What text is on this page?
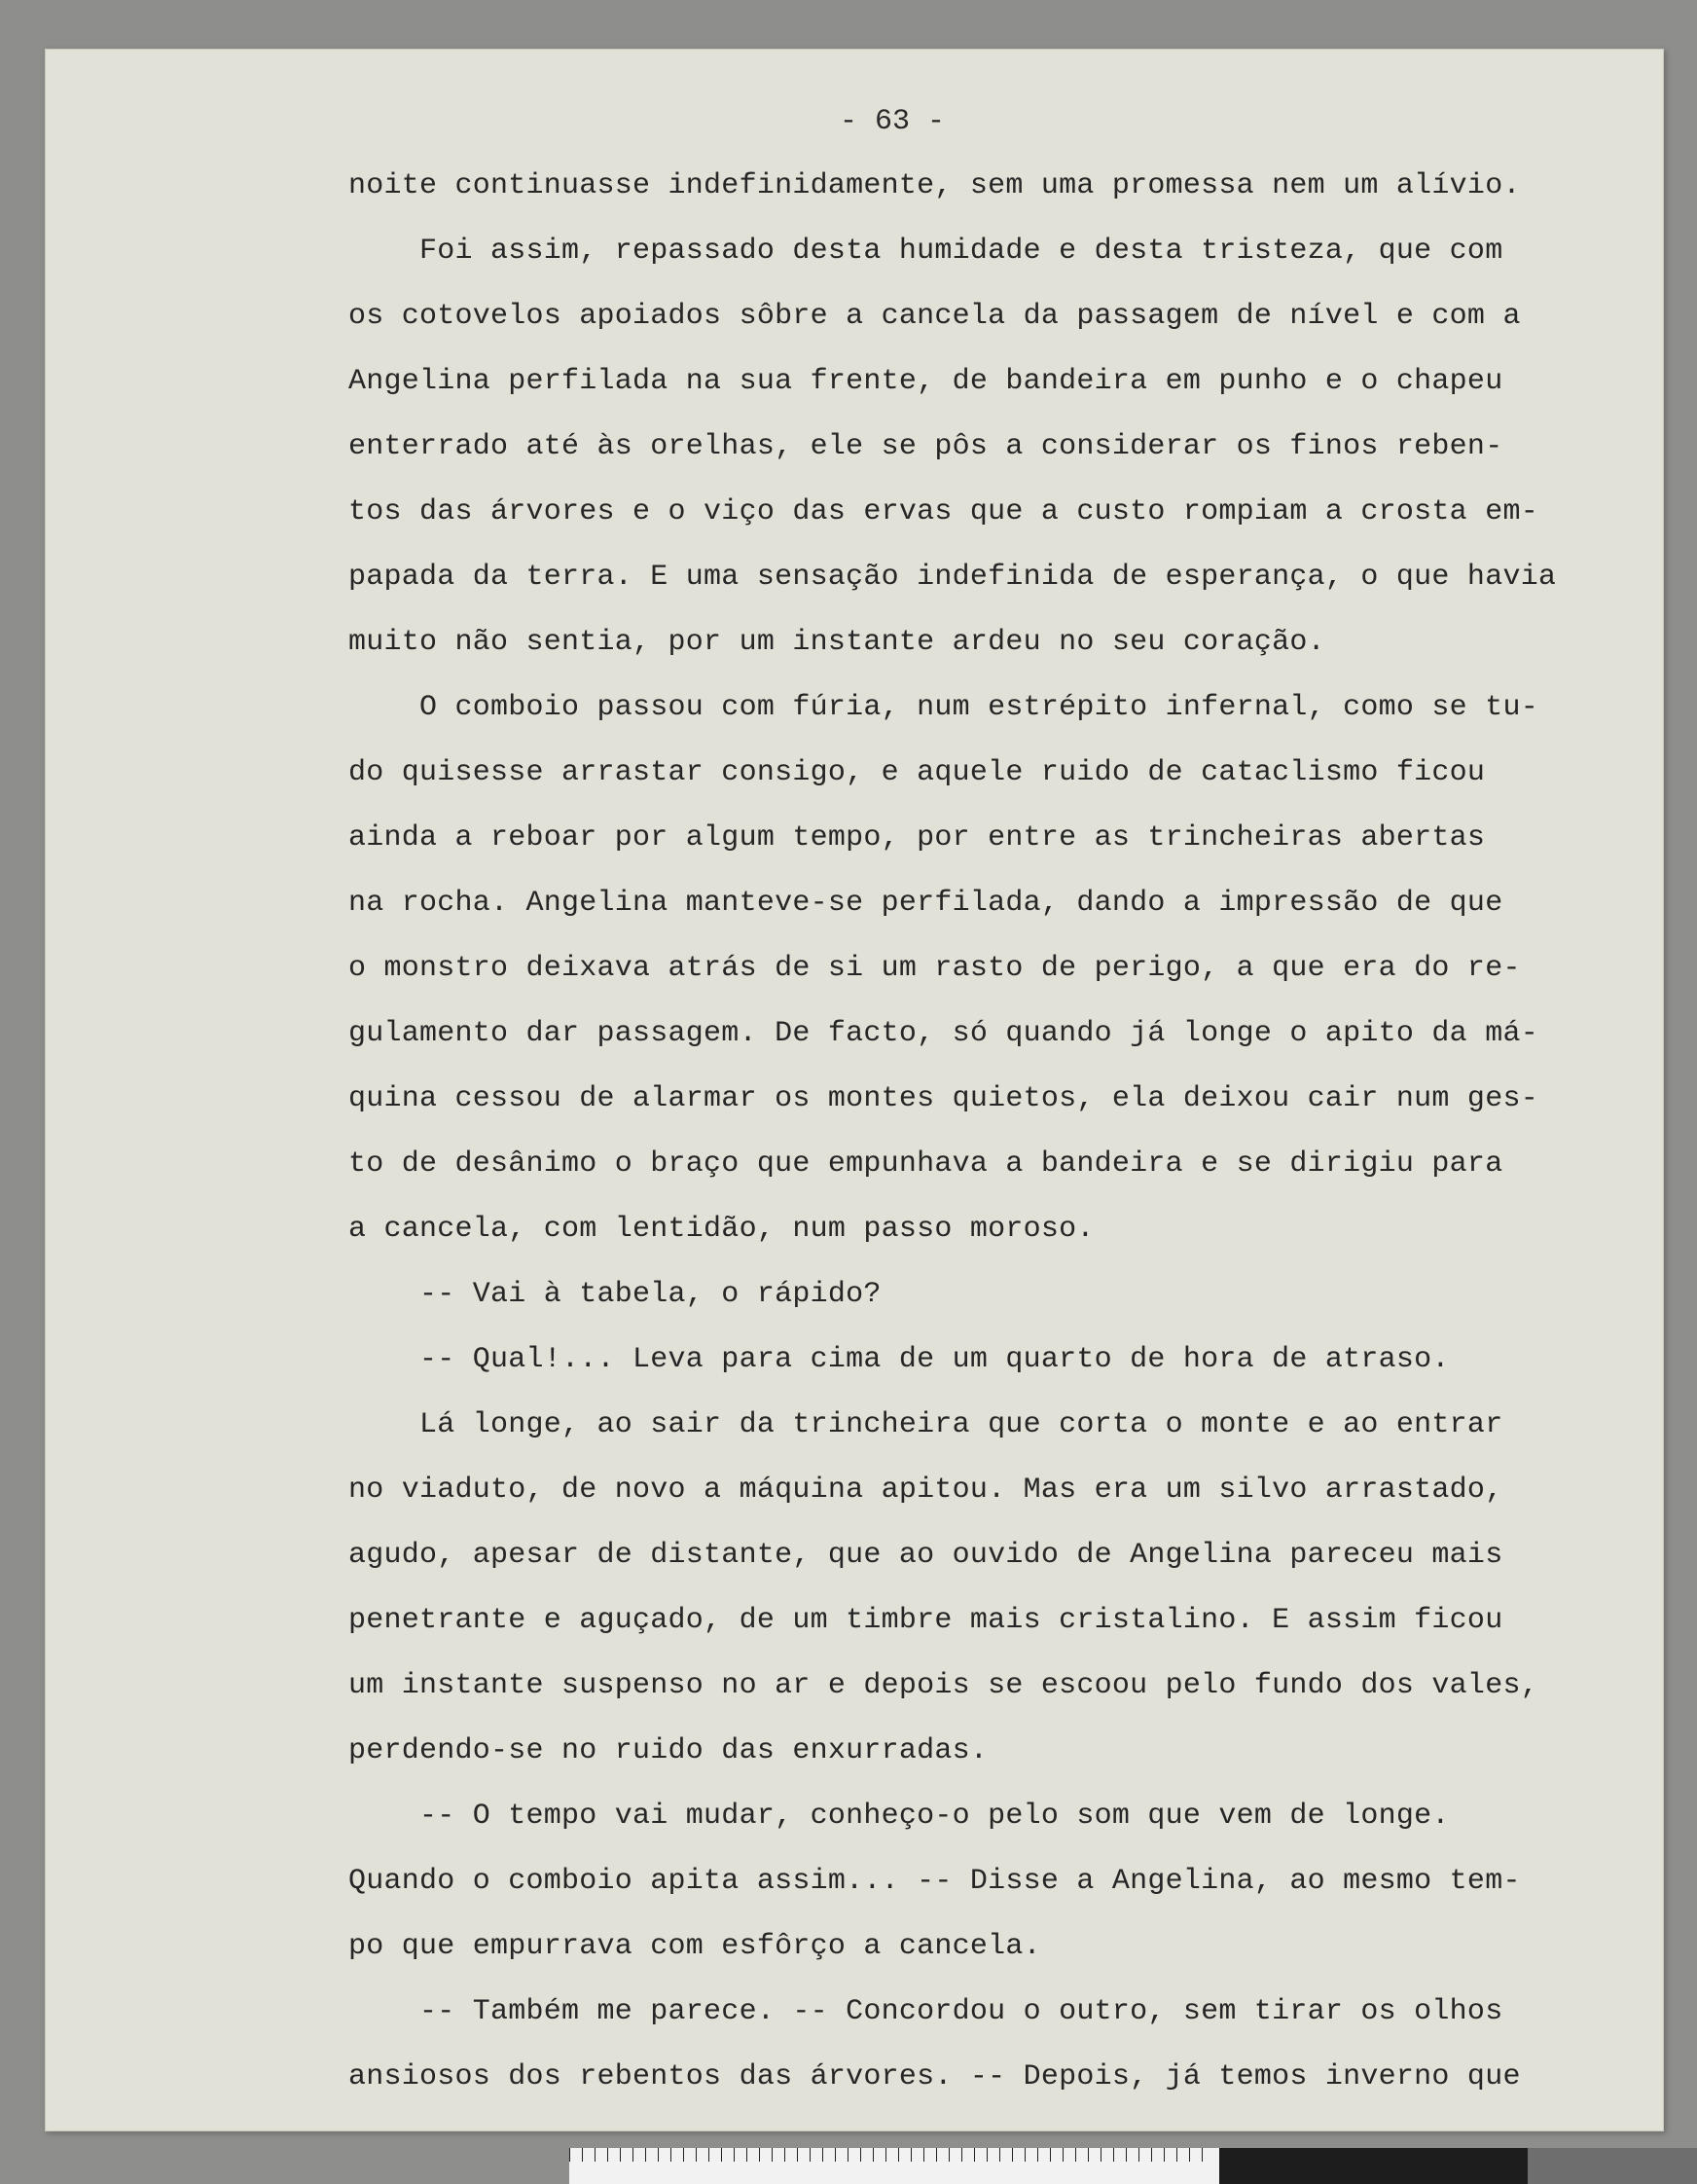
- 63 -
noite continuasse indefinidamente, sem uma promessa nem um alívio.
Foi assim, repassado desta humidade e desta tristeza, que com
os cotovelos apoiados sôbre a cancela da passagem de nível e com a
Angelina perfilada na sua frente, de bandeira em punho e o chapeu
enterrado até às orelhas, ele se pôs a considerar os finos reben-
tos das árvores e o viço das ervas que a custo rompiam a crosta em-
papada da terra. E uma sensação indefinida de esperança, o que havia
muito não sentia, por um instante ardeu no seu coração.
O comboio passou com fúria, num estrépito infernal, como se tu-
do quisesse arrastar consigo, e aquele ruido de cataclismo ficou
ainda a reboar por algum tempo, por entre as trincheiras abertas
na rocha. Angelina manteve-se perfilada, dando a impressão de que
o monstro deixava atrás de si um rasto de perigo, a que era do re-
gulamento dar passagem. De facto, só quando já longe o apito da má-
quina cessou de alarmar os montes quietos, ela deixou cair num ges-
to de desânimo o braço que empunhava a bandeira e se dirigiu para
a cancela, com lentidão, num passo moroso.
-- Vai à tabela, o rápido?
-- Qual!... Leva para cima de um quarto de hora de atraso.
Lá longe, ao sair da trincheira que corta o monte e ao entrar
no viaduto, de novo a máquina apitou. Mas era um silvo arrastado,
agudo, apesar de distante, que ao ouvido de Angelina pareceu mais
penetrante e aguçado, de um timbre mais cristalino. E assim ficou
um instante suspenso no ar e depois se escoou pelo fundo dos vales,
perdendo-se no ruido das enxurradas.
-- O tempo vai mudar, conheço-o pelo som que vem de longe.
Quando o comboio apita assim... -- Disse a Angelina, ao mesmo tem-
po que empurrava com esfôrço a cancela.
-- Também me parece. -- Concordou o outro, sem tirar os olhos
ansiosos dos rebentos das árvores. -- Depois, já temos inverno que
